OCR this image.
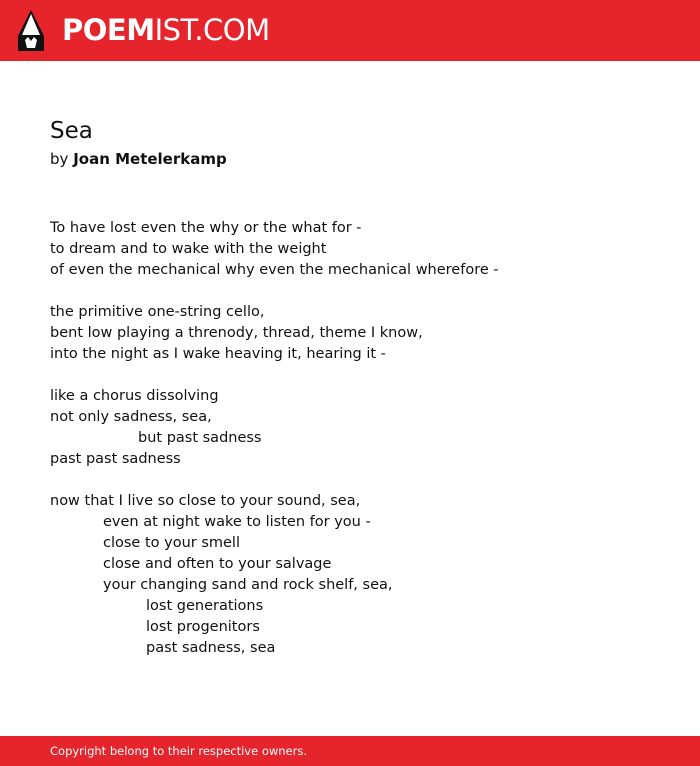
POEMIST.COM
Sea
by Joan Metelerkamp
To have lost even the why or the what for -
to dream and to wake with the weight
of even the mechanical why even the mechanical wherefore -
the primitive one-string cello,
bent low playing a threnody, thread, theme I know,
into the night as I wake heaving it, hearing it -
like a chorus dissolving
not only sadness, sea,
but past sadness
past past sadness
now that I live so close to your sound, sea,
even at night wake to listen for you -
close to your smell
close and often to your salvage
your changing sand and rock shelf, sea,
lost generations
lost progenitors
past sadness, sea
Copyright belong to their respective owners.
